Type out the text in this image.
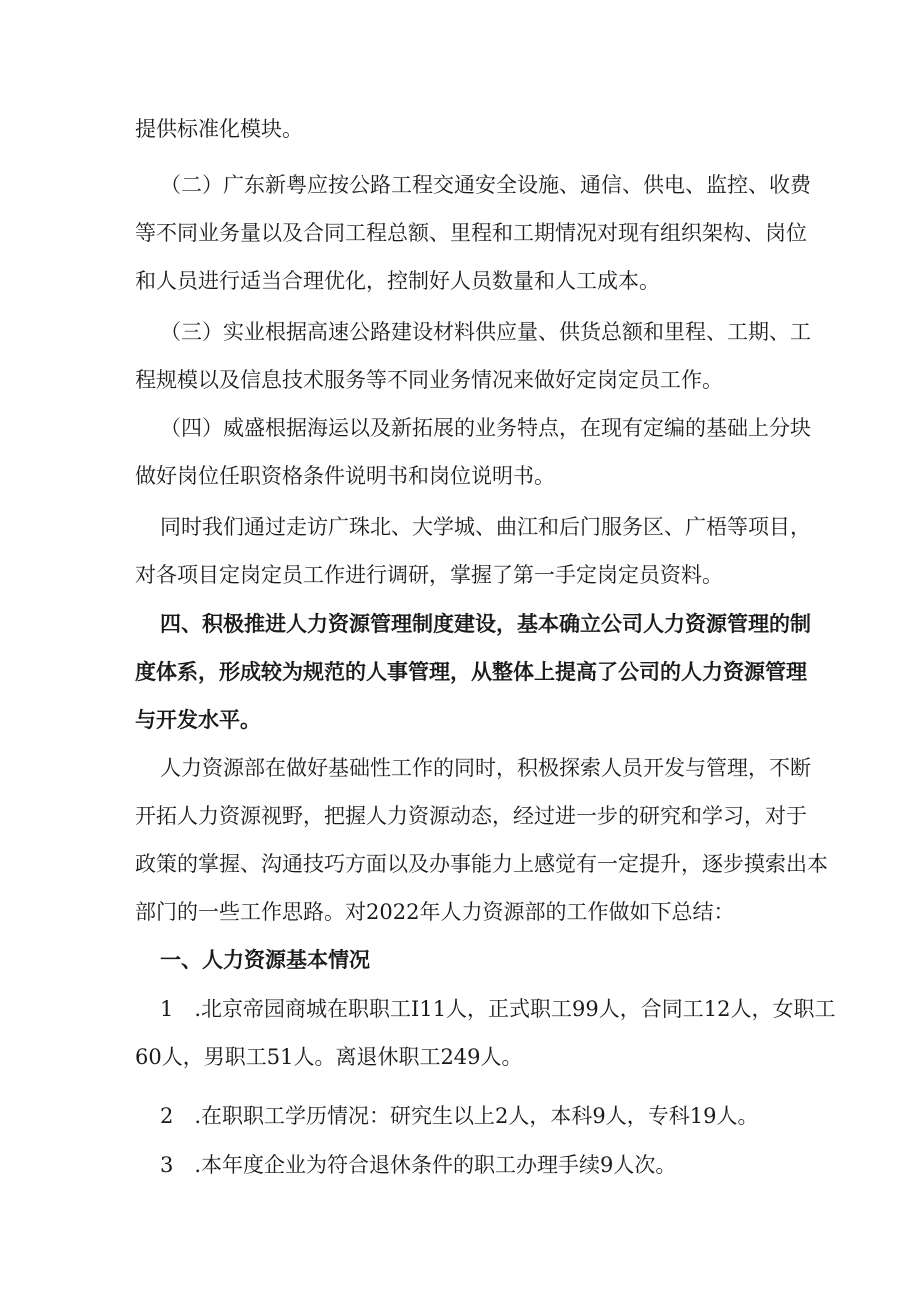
提供标准化模块。
（二）广东新粤应按公路工程交通安全设施、通信、供电、监控、收费
等不同业务量以及合同工程总额、里程和工期情况对现有组织架构、岗位
和人员进行适当合理优化，控制好人员数量和人工成本。
（三）实业根据高速公路建设材料供应量、供货总额和里程、工期、工
程规模以及信息技术服务等不同业务情况来做好定岗定员工作。
（四）威盛根据海运以及新拓展的业务特点，在现有定编的基础上分块
做好岗位任职资格条件说明书和岗位说明书。
同时我们通过走访广珠北、大学城、曲江和后门服务区、广梧等项目，
对各项目定岗定员工作进行调研，掌握了第一手定岗定员资料。
四、积极推进人力资源管理制度建设，基本确立公司人力资源管理的制
度体系，形成较为规范的人事管理，从整体上提高了公司的人力资源管理
与开发水平。
人力资源部在做好基础性工作的同时，积极探索人员开发与管理，不断
开拓人力资源视野，把握人力资源动态，经过进一步的研究和学习，对于
政策的掌握、沟通技巧方面以及办事能力上感觉有一定提升，逐步摸索出本
部门的一些工作思路。对2022年人力资源部的工作做如下总结：
一、人力资源基本情况
1　.北京帝园商城在职职工I11人，正式职工99人，合同工12人，女职工
60人，男职工51人。离退休职工249人。
2　.在职职工学历情况：研究生以上2人，本科9人，专科19人。
3　.本年度企业为符合退休条件的职工办理手续9人次。
